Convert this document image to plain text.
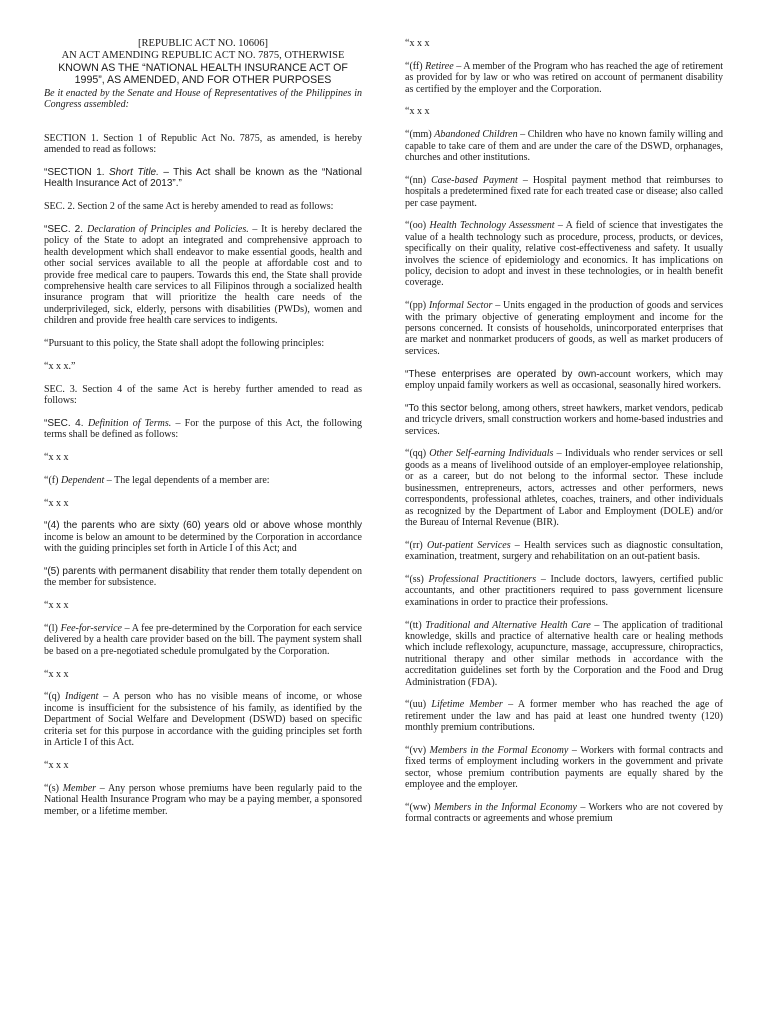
[REPUBLIC ACT NO. 10606]
AN ACT AMENDING REPUBLIC ACT NO. 7875, OTHERWISE
KNOWN AS THE “NATIONAL HEALTH INSURANCE ACT OF 1995”, AS AMENDED, AND FOR OTHER PURPOSES

Be it enacted by the Senate and House of Representatives of the Philippines in Congress assembled:

SECTION 1. Section 1 of Republic Act No. 7875, as amended, is hereby amended to read as follows:

“SECTION 1. Short Title. – This Act shall be known as the “National Health Insurance Act of 2013”.”

SEC. 2. Section 2 of the same Act is hereby amended to read as follows:

“SEC. 2. Declaration of Principles and Policies. – It is hereby declared the policy of the State to adopt an integrated and comprehensive approach to health development which shall endeavor to make essential goods, health and other social services available to all the people at affordable cost and to provide free medical care to paupers. Towards this end, the State shall provide comprehensive health care services to all Filipinos through a socialized health insurance program that will prioritize the health care needs of the underprivileged, sick, elderly, persons with disabilities (PWDs), women and children and provide free health care services to indigents.

“Pursuant to this policy, the State shall adopt the following principles:

“x x x.”

SEC. 3. Section 4 of the same Act is hereby further amended to read as follows:

“SEC. 4. Definition of Terms. – For the purpose of this Act, the following terms shall be defined as follows:

“x x x

“(f) Dependent – The legal dependents of a member are:

“x x x

“(4) the parents who are sixty (60) years old or above whose monthly income is below an amount to be determined by the Corporation in accordance with the guiding principles set forth in Article I of this Act; and

“(5) parents with permanent disability that render them totally dependent on the member for subsistence.

“x x x

“(l) Fee-for-service – A fee pre-determined by the Corporation for each service delivered by a health care provider based on the bill. The payment system shall be based on a pre-negotiated schedule promulgated by the Corporation.

“x x x

“(q) Indigent – A person who has no visible means of income, or whose income is insufficient for the subsistence of his family, as identified by the Department of Social Welfare and Development (DSWD) based on specific criteria set for this purpose in accordance with the guiding principles set forth in Article I of this Act.

“x x x

“(s) Member – Any person whose premiums have been regularly paid to the National Health Insurance Program who may be a paying member, a sponsored member, or a lifetime member.

“x x x

“(ff) Retiree – A member of the Program who has reached the age of retirement as provided for by law or who was retired on account of permanent disability as certified by the employer and the Corporation.

“x x x

“(mm) Abandoned Children – Children who have no known family willing and capable to take care of them and are under the care of the DSWD, orphanages, churches and other institutions.

“(nn) Case-based Payment – Hospital payment method that reimburses to hospitals a predetermined fixed rate for each treated case or disease; also called per case payment.

“(oo) Health Technology Assessment – A field of science that investigates the value of a health technology such as procedure, process, products, or devices, specifically on their quality, relative cost-effectiveness and safety. It usually involves the science of epidemiology and economics. It has implications on policy, decision to adopt and invest in these technologies, or in health benefit coverage.

“(pp) Informal Sector – Units engaged in the production of goods and services with the primary objective of generating employment and income for the persons concerned. It consists of households, unincorporated enterprises that are market and nonmarket producers of goods, as well as market producers of services.

“These enterprises are operated by own-account workers, which may employ unpaid family workers as well as occasional, seasonally hired workers.

“To this sector belong, among others, street hawkers, market vendors, pedicab and tricycle drivers, small construction workers and home-based industries and services.

“(qq) Other Self-earning Individuals – Individuals who render services or sell goods as a means of livelihood outside of an employer-employee relationship, or as a career, but do not belong to the informal sector. These include businessmen, entrepreneurs, actors, actresses and other performers, news correspondents, professional athletes, coaches, trainers, and other individuals as recognized by the Department of Labor and Employment (DOLE) and/or the Bureau of Internal Revenue (BIR).

“(rr) Out-patient Services – Health services such as diagnostic consultation, examination, treatment, surgery and rehabilitation on an out-patient basis.

“(ss) Professional Practitioners – Include doctors, lawyers, certified public accountants, and other practitioners required to pass government licensure examinations in order to practice their professions.

“(tt) Traditional and Alternative Health Care – The application of traditional knowledge, skills and practice of alternative health care or healing methods which include reflexology, acupuncture, massage, accupressure, chiropractics, nutritional therapy and other similar methods in accordance with the accreditation guidelines set forth by the Corporation and the Food and Drug Administration (FDA).

“(uu) Lifetime Member – A former member who has reached the age of retirement under the law and has paid at least one hundred twenty (120) monthly premium contributions.

“(vv) Members in the Formal Economy – Workers with formal contracts and fixed terms of employment including workers in the government and private sector, whose premium contribution payments are equally shared by the employee and the employer.

“(ww) Members in the Informal Economy – Workers who are not covered by formal contracts or agreements and whose premium
